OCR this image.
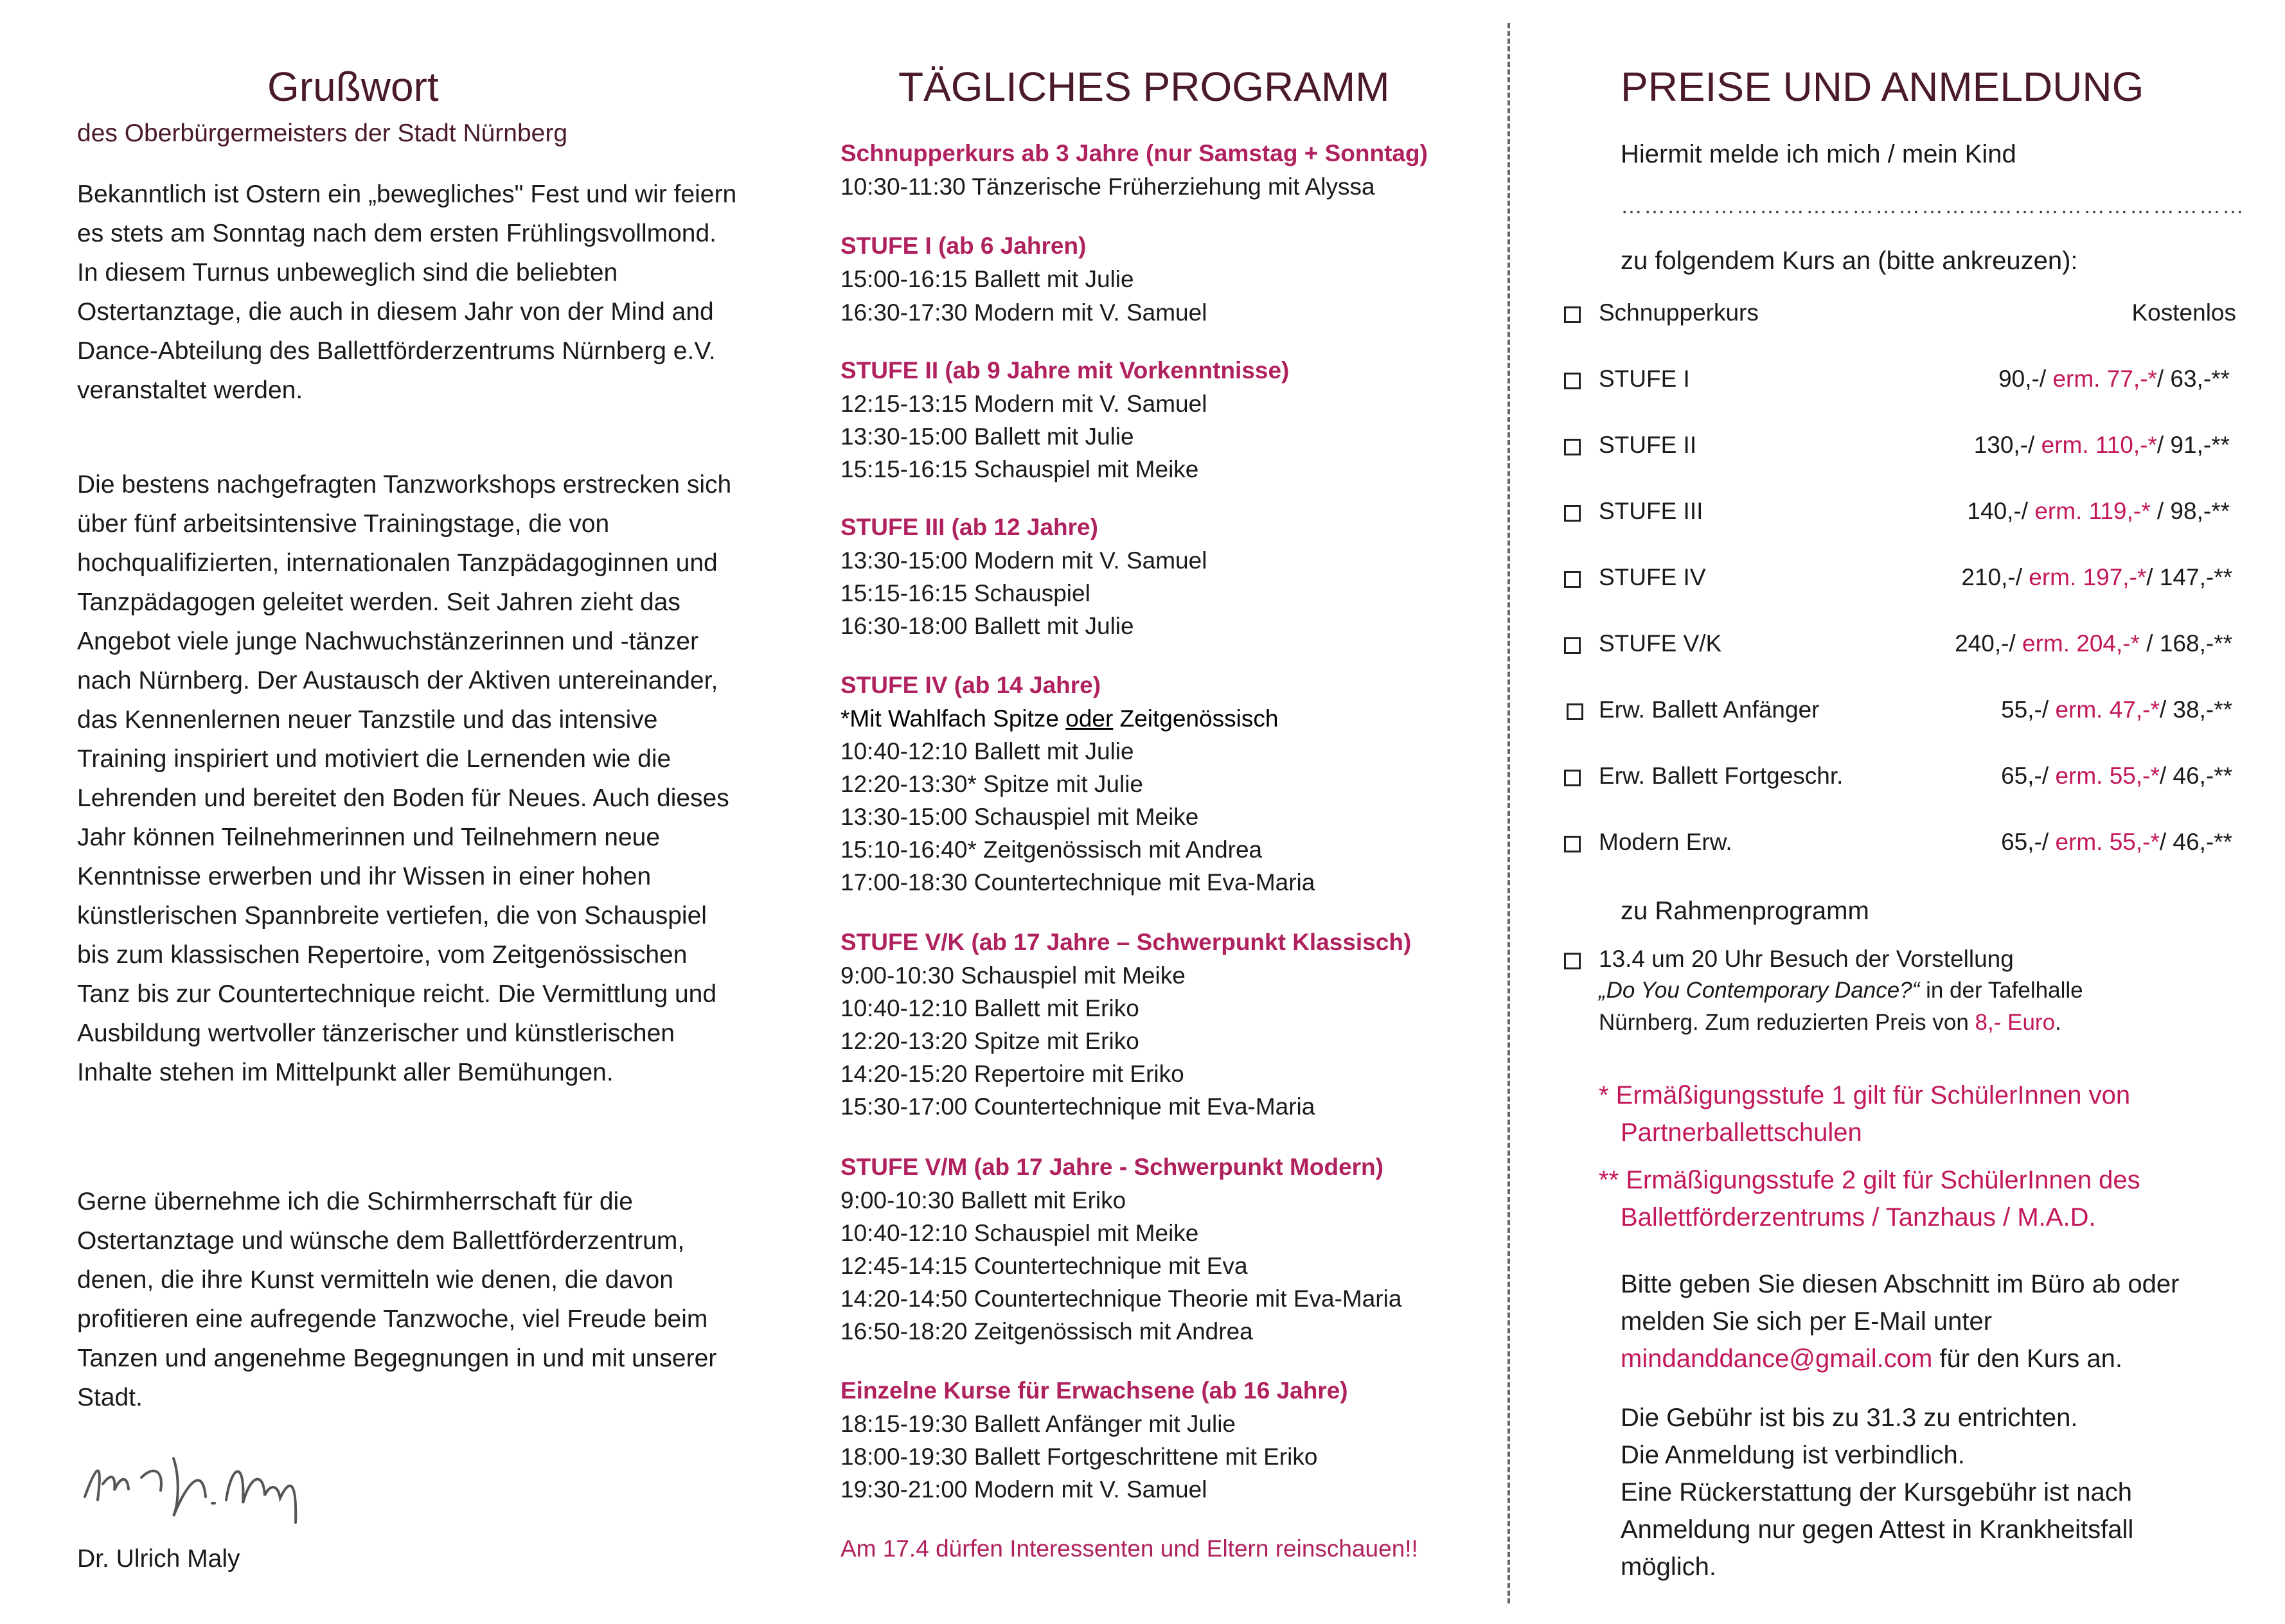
Grußwort
des Oberbürgermeisters der Stadt Nürnberg
Bekanntlich ist Ostern ein „bewegliches" Fest und wir feiern es stets am Sonntag nach dem ersten Frühlingsvollmond. In diesem Turnus unbeweglich sind die beliebten Ostertanztage, die auch in diesem Jahr von der Mind and Dance-Abteilung des Ballettförderzentrums Nürnberg e.V. veranstaltet werden.
Die bestens nachgefragten Tanzworkshops erstrecken sich über fünf arbeitsintensive Trainingstage, die von hochqualifizierten, internationalen Tanzpädagoginnen und Tanzpädagogen geleitet werden. Seit Jahren zieht das Angebot viele junge Nachwuchstänzerinnen und -tänzer nach Nürnberg. Der Austausch der Aktiven untereinander, das Kennenlernen neuer Tanzstile und das intensive Training inspiriert und motiviert die Lernenden wie die Lehrenden und bereitet den Boden für Neues. Auch dieses Jahr können Teilnehmerinnen und Teilnehmern neue Kenntnisse erwerben und ihr Wissen in einer hohen künstlerischen Spannbreite vertiefen, die von Schauspiel bis zum klassischen Repertoire, vom Zeitgenössischen Tanz bis zur Countertechnique reicht. Die Vermittlung und Ausbildung wertvoller tänzerischer und künstlerischen Inhalte stehen im Mittelpunkt aller Bemühungen.
Gerne übernehme ich die Schirmherrschaft für die Ostertanztage und wünsche dem Ballettförderzentrum, denen, die ihre Kunst vermitteln wie denen, die davon profitieren eine aufregende Tanzwoche, viel Freude beim Tanzen und angenehme Begegnungen in und mit unserer Stadt.
Dr. Ulrich Maly
TÄGLICHES PROGRAMM
Schnupperkurs ab 3 Jahre (nur Samstag + Sonntag)
10:30-11:30 Tänzerische Früherziehung mit Alyssa
STUFE I (ab 6 Jahren)
15:00-16:15 Ballett mit Julie
16:30-17:30 Modern mit V. Samuel
STUFE II (ab 9 Jahre mit Vorkenntnisse)
12:15-13:15 Modern mit V. Samuel
13:30-15:00 Ballett mit Julie
15:15-16:15 Schauspiel mit Meike
STUFE III (ab 12 Jahre)
13:30-15:00 Modern mit V. Samuel
15:15-16:15 Schauspiel
16:30-18:00 Ballett mit Julie
STUFE IV (ab 14 Jahre)
*Mit Wahlfach Spitze oder Zeitgenössisch
10:40-12:10 Ballett mit Julie
12:20-13:30* Spitze mit Julie
13:30-15:00 Schauspiel mit Meike
15:10-16:40* Zeitgenössisch mit Andrea
17:00-18:30 Countertechnique mit Eva-Maria
STUFE V/K (ab 17 Jahre – Schwerpunkt Klassisch)
9:00-10:30 Schauspiel mit Meike
10:40-12:10 Ballett mit Eriko
12:20-13:20 Spitze mit Eriko
14:20-15:20 Repertoire mit Eriko
15:30-17:00 Countertechnique mit Eva-Maria
STUFE V/M (ab 17 Jahre - Schwerpunkt Modern)
9:00-10:30 Ballett mit Eriko
10:40-12:10 Schauspiel mit Meike
12:45-14:15 Countertechnique mit Eva
14:20-14:50 Countertechnique Theorie mit Eva-Maria
16:50-18:20 Zeitgenössisch mit Andrea
Einzelne Kurse für Erwachsene (ab 16 Jahre)
18:15-19:30 Ballett Anfänger mit Julie
18:00-19:30 Ballett Fortgeschrittene mit Eriko
19:30-21:00 Modern mit V. Samuel
Am 17.4 dürfen Interessenten und Eltern reinschauen!!
PREISE UND ANMELDUNG
Hiermit melde ich mich / mein Kind
………………………………………………………………………
zu folgendem Kurs an (bitte ankreuzen):
Schnupperkurs	Kostenlos
STUFE I	90,-/ erm. 77,-*/ 63,-**
STUFE II	130,-/ erm. 110,-*/ 91,-**
STUFE III	140,-/ erm. 119,-* / 98,-**
STUFE IV	210,-/ erm. 197,-*/ 147,-**
STUFE V/K	240,-/ erm. 204,-* / 168,-**
Erw. Ballett Anfänger	55,-/ erm. 47,-*/ 38,-**
Erw. Ballett Fortgeschr.	65,-/ erm. 55,-*/ 46,-**
Modern Erw.	65,-/ erm. 55,-*/ 46,-**
zu Rahmenprogramm
13.4 um 20 Uhr Besuch der Vorstellung
„Do You Contemporary Dance?“ in der Tafelhalle
Nürnberg. Zum reduzierten Preis von 8,- Euro.
* Ermäßigungsstufe 1 gilt für SchülerInnen von
Partnerballettschulen
** Ermäßigungsstufe 2 gilt für SchülerInnen des
Ballettförderzentrums / Tanzhaus / M.A.D.
Bitte geben Sie diesen Abschnitt im Büro ab oder
melden Sie sich per E-Mail unter
mindanddance@gmail.com für den Kurs an.
Die Gebühr ist bis zu 31.3 zu entrichten.
Die Anmeldung ist verbindlich.
Eine Rückerstattung der Kursgebühr ist nach
Anmeldung nur gegen Attest in Krankheitsfall
möglich.
